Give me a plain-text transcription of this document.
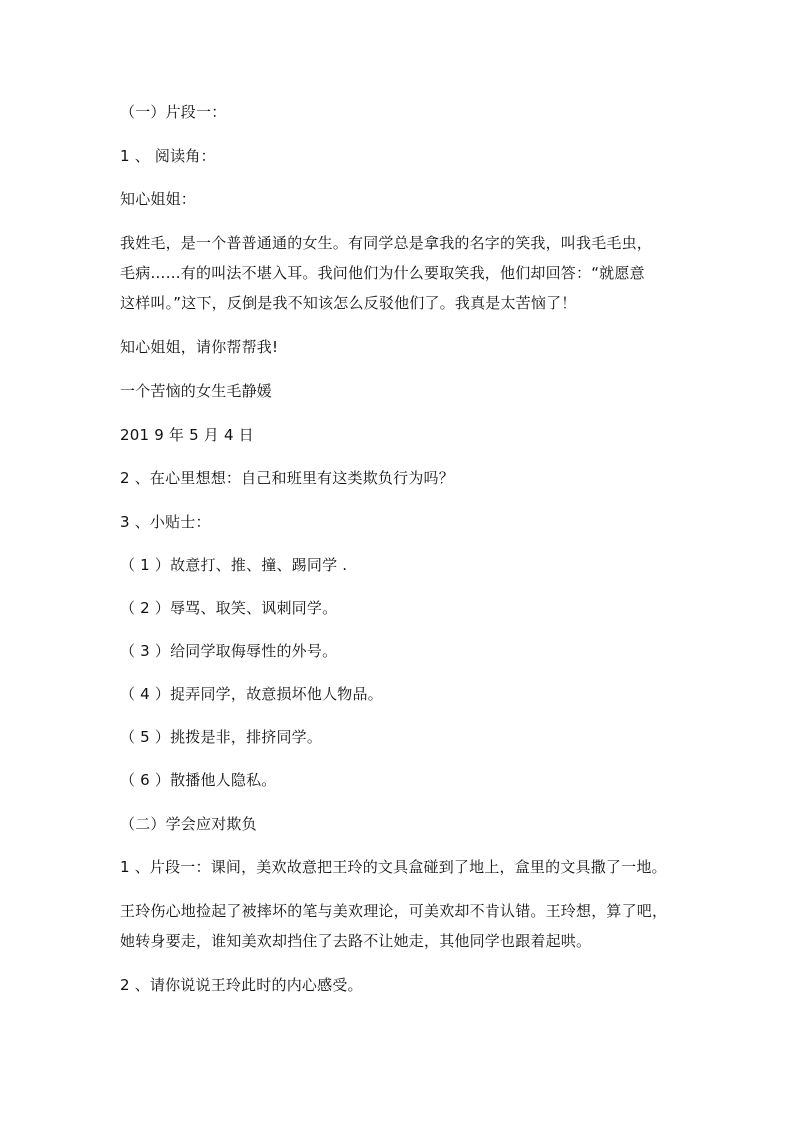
（一）片段一：
1 、 阅读角：
知心姐姐：
我姓毛，是一个普普通通的女生。有同学总是拿我的名字的笑我，叫我毛毛虫，
毛病……有的叫法不堪入耳。我问他们为什么要取笑我，他们却回答：“就愿意
这样叫。”这下，反倒是我不知该怎么反驳他们了。我真是太苦恼了！
知心姐姐，请你帮帮我!
一个苦恼的女生毛静媛
201 9 年 5 月 4 日
2 、在心里想想：自己和班里有这类欺负行为吗？
3 、小贴士：
（ 1 ）故意打、推、撞、踢同学 .
（ 2 ）辱骂、取笑、讽刺同学。
（ 3 ）给同学取侮辱性的外号。
（ 4 ）捉弄同学，故意损坏他人物品。
（ 5 ）挑拨是非，排挤同学。
（ 6 ）散播他人隐私。
（二）学会应对欺负
1 、片段一：课间，美欢故意把王玲的文具盒碰到了地上，盒里的文具撒了一地。
王玲伤心地捡起了被摔坏的笔与美欢理论，可美欢却不肯认错。王玲想，算了吧，
她转身要走，谁知美欢却挡住了去路不让她走，其他同学也跟着起哄。
2 、请你说说王玲此时的内心感受。
